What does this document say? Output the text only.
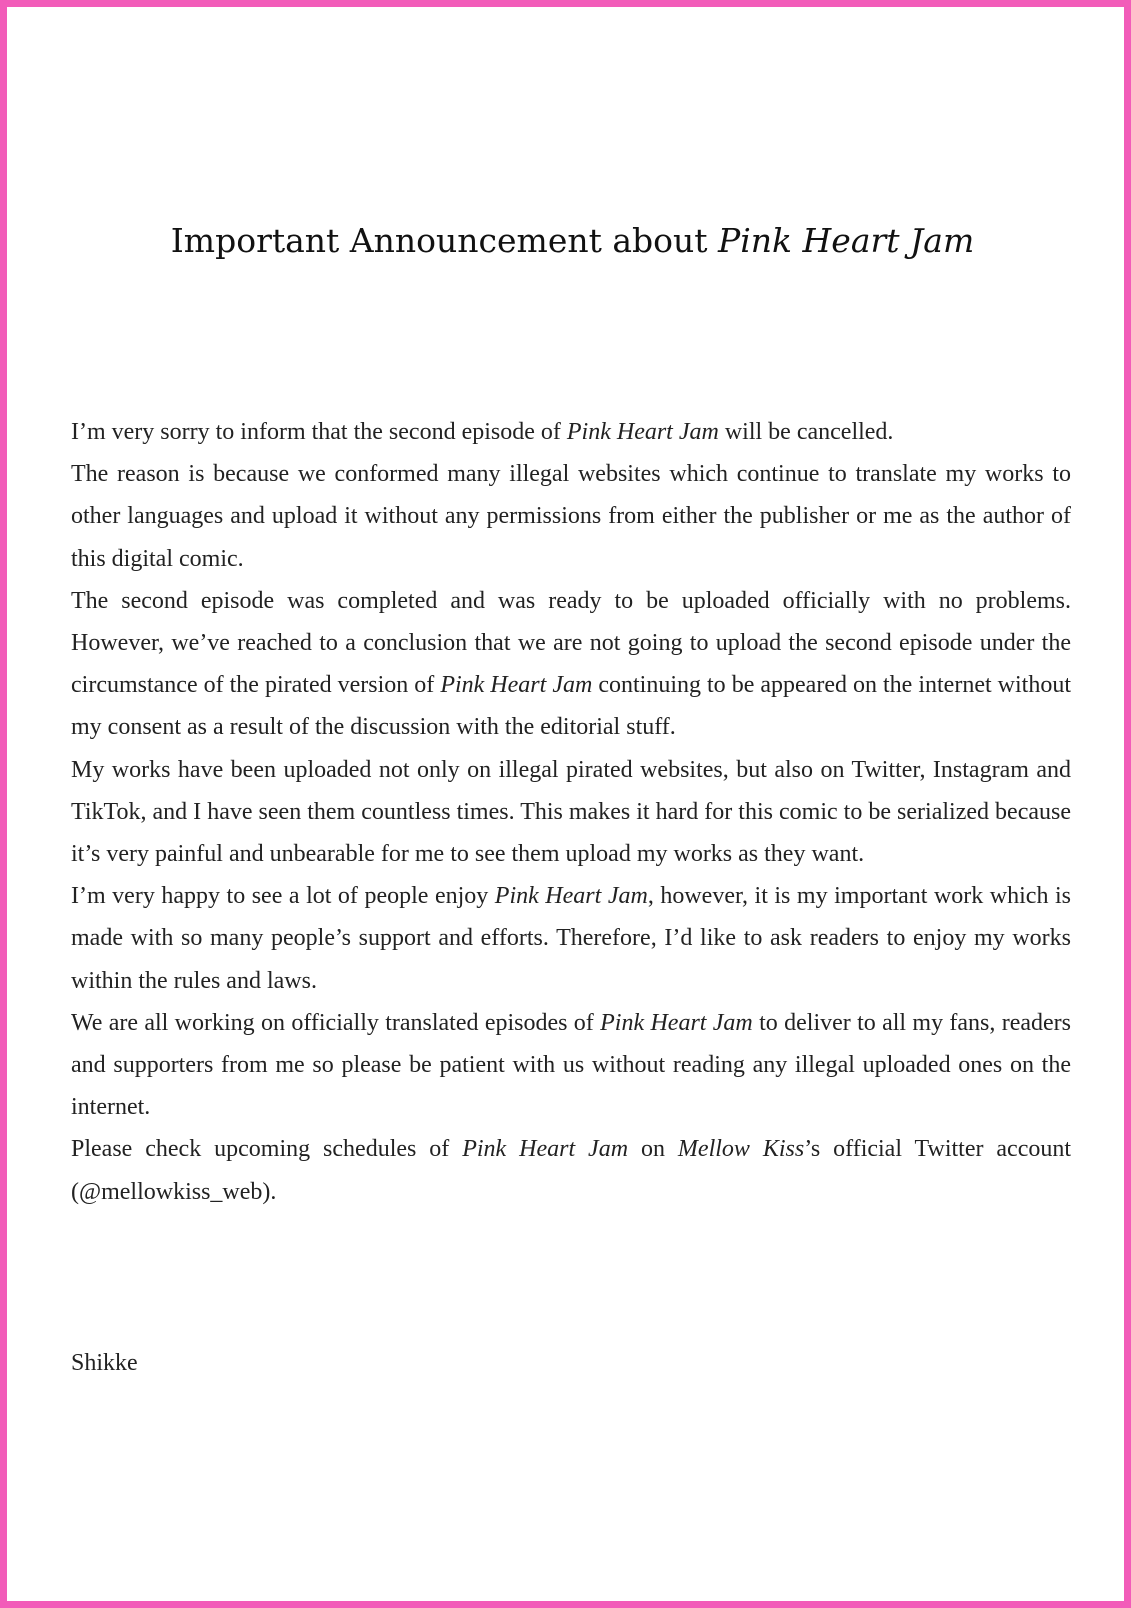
Important Announcement about Pink Heart Jam

I’m very sorry to inform that the second episode of Pink Heart Jam will be cancelled.

The reason is because we conformed many illegal websites which continue to translate my works to other languages and upload it without any permissions from either the publisher or me as the author of this digital comic.

The second episode was completed and was ready to be uploaded officially with no problems. However, we’ve reached to a conclusion that we are not going to upload the second episode under the circumstance of the pirated version of Pink Heart Jam continuing to be appeared on the internet without my consent as a result of the discussion with the editorial stuff.

My works have been uploaded not only on illegal pirated websites, but also on Twitter, Instagram and TikTok, and I have seen them countless times. This makes it hard for this comic to be serialized because it’s very painful and unbearable for me to see them upload my works as they want.

I’m very happy to see a lot of people enjoy Pink Heart Jam, however, it is my important work which is made with so many people’s support and efforts. Therefore, I’d like to ask readers to enjoy my works within the rules and laws.

We are all working on officially translated episodes of Pink Heart Jam to deliver to all my fans, readers and supporters from me so please be patient with us without reading any illegal uploaded ones on the internet.

Please check upcoming schedules of Pink Heart Jam on Mellow Kiss’s official Twitter account (@mellowkiss_web).

Shikke
